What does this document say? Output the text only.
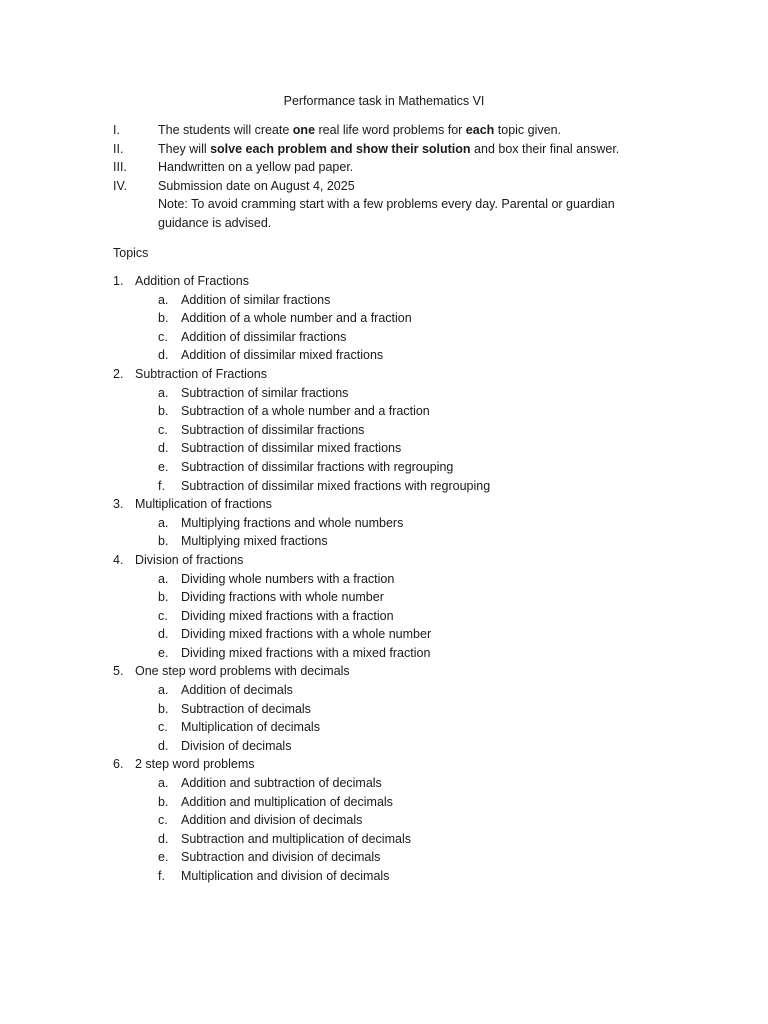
Performance task in Mathematics VI
I.	The students will create one real life word problems for each topic given.
II.	They will solve each problem and show their solution and box their final answer.
III.	Handwritten on a yellow pad paper.
IV.	Submission date on August 4, 2025
Note: To avoid cramming start with a few problems every day. Parental or guardian guidance is advised.
Topics
1. Addition of Fractions
a.	Addition of similar fractions
b.	Addition of a whole number and a fraction
c.	Addition of dissimilar fractions
d.	Addition of dissimilar mixed fractions
2. Subtraction of Fractions
a.	Subtraction of similar fractions
b.	Subtraction of a whole number and a fraction
c.	Subtraction of dissimilar fractions
d.	Subtraction of dissimilar mixed fractions
e.	Subtraction of dissimilar fractions with regrouping
f.	Subtraction of dissimilar mixed fractions with regrouping
3. Multiplication of fractions
a.	Multiplying fractions and whole numbers
b.	Multiplying mixed fractions
4. Division of fractions
a.	Dividing whole numbers with a fraction
b.	Dividing fractions with whole number
c.	Dividing mixed fractions with a fraction
d.	Dividing mixed fractions with a whole number
e.	Dividing mixed fractions with a mixed fraction
5. One step word problems with decimals
a.	Addition of decimals
b.	Subtraction of decimals
c.	Multiplication of decimals
d.	Division of decimals
6. 2 step word problems
a.	Addition and subtraction of decimals
b.	Addition and multiplication of decimals
c.	Addition and division of decimals
d.	Subtraction and multiplication of decimals
e.	Subtraction and division of decimals
f.	Multiplication and division of decimals
